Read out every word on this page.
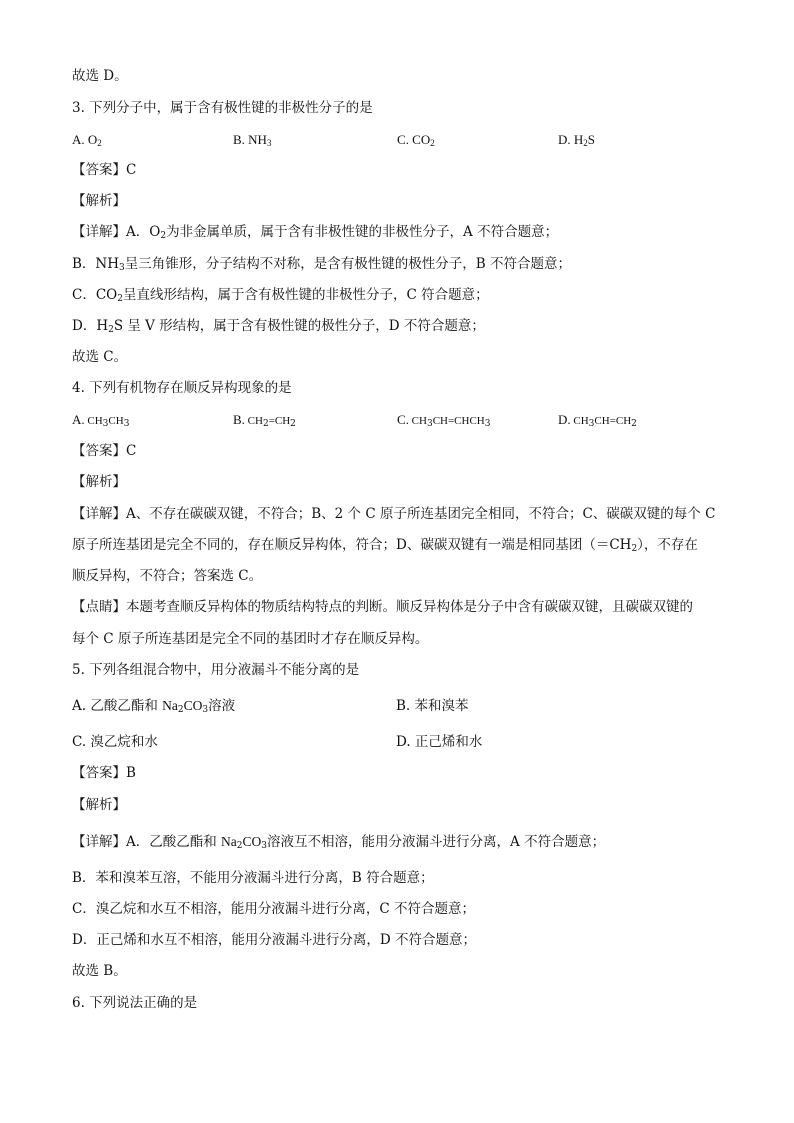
故选 D。
3. 下列分子中，属于含有极性键的非极性分子的是
A. $O_2$	B. $NH_3$	C. $CO_2$	D. $H_2S$
【答案】C
【解析】
【详解】A．$O_2$为非金属单质，属于含有非极性键的非极性分子，A 不符合题意；
B．$NH_3$呈三角锥形，分子结构不对称，是含有极性键的极性分子，B 不符合题意；
C．$CO_2$呈直线形结构，属于含有极性键的非极性分子，C 符合题意；
D．$H_2S$ 呈 V 形结构，属于含有极性键的极性分子，D 不符合题意；
故选 C。
4. 下列有机物存在顺反异构现象的是
A. $CH_3CH_3$	B. $CH_2=CH_2$	C. $CH_3CH=CHCH_3$	D. $CH_3CH=CH_2$
【答案】C
【解析】
【详解】A、不存在碳碳双键，不符合；B、2 个 C 原子所连基团完全相同，不符合；C、碳碳双键的每个 C
原子所连基团是完全不同的，存在顺反异构体，符合；D、碳碳双键有一端是相同基团$(=CH_2)$，不存在
顺反异构，不符合；答案选 C。
【点睛】本题考查顺反异构体的物质结构特点的判断。顺反异构体是分子中含有碳碳双键，且碳碳双键的
每个 C 原子所连基团是完全不同的基团时才存在顺反异构。
5. 下列各组混合物中，用分液漏斗不能分离的是
A. 乙酸乙酯和 $Na_2CO_3$溶液	B. 苯和溴苯
C. 溴乙烷和水	D. 正己烯和水
【答案】B
【解析】
【详解】A．乙酸乙酯和 $Na_2CO_3$溶液互不相溶，能用分液漏斗进行分离，A 不符合题意；
B．苯和溴苯互溶，不能用分液漏斗进行分离，B 符合题意；
C．溴乙烷和水互不相溶，能用分液漏斗进行分离，C 不符合题意；
D．正己烯和水互不相溶，能用分液漏斗进行分离，D 不符合题意；
故选 B。
6. 下列说法正确的是
